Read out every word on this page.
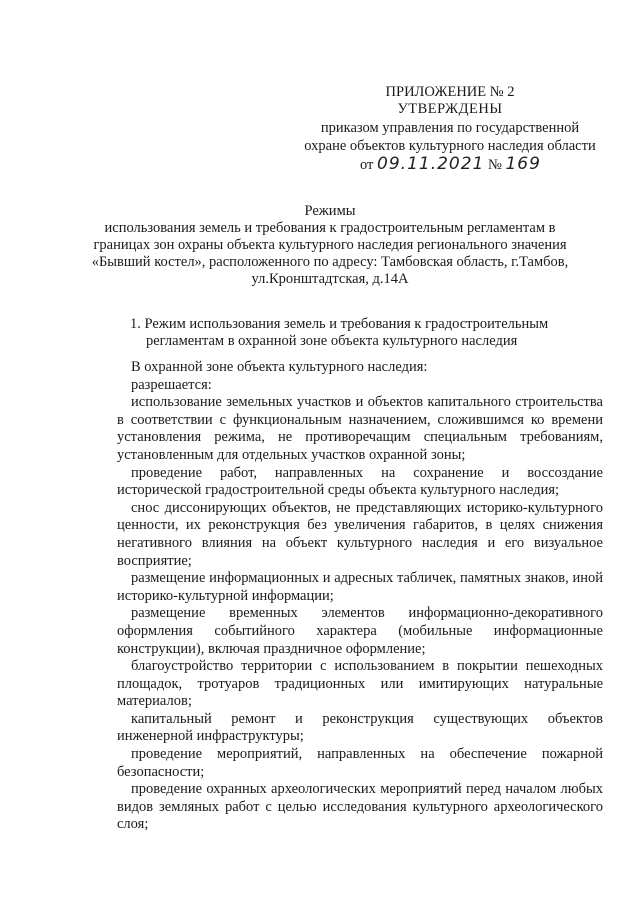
ПРИЛОЖЕНИЕ № 2
УТВЕРЖДЕНЫ
приказом управления по государственной
охране объектов культурного наследия области
от 09.11.2021 № 169
Режимы
использования земель и требования к градостроительным регламентам в
границах зон охраны объекта культурного наследия регионального значения
«Бывший костел», расположенного по адресу: Тамбовская область, г.Тамбов,
ул.Кронштадтская, д.14А
1. Режим использования земель и требования к градостроительным
регламентам в охранной зоне объекта культурного наследия

В охранной зоне объекта культурного наследия:

разрешается:

использование земельных участков и объектов капитального строительства в соответствии с функциональным назначением, сложившимся ко времени установления режима, не противоречащим специальным требованиям, установленным для отдельных участков охранной зоны;

проведение работ, направленных на сохранение и воссоздание исторической градостроительной среды объекта культурного наследия;

снос диссонирующих объектов, не представляющих историко-культурного ценности, их реконструкция без увеличения габаритов, в целях снижения негативного влияния на объект культурного наследия и его визуальное восприятие;

размещение информационных и адресных табличек, памятных знаков, иной историко-культурной информации;

размещение временных элементов информационно-декоративного оформления событийного характера (мобильные информационные конструкции), включая праздничное оформление;

благоустройство территории с использованием в покрытии пешеходных площадок, тротуаров традиционных или имитирующих натуральные материалов;

капитальный ремонт и реконструкция существующих объектов инженерной инфраструктуры;

проведение мероприятий, направленных на обеспечение пожарной безопасности;

проведение охранных археологических мероприятий перед началом любых видов земляных работ с целью исследования культурного археологического слоя;
